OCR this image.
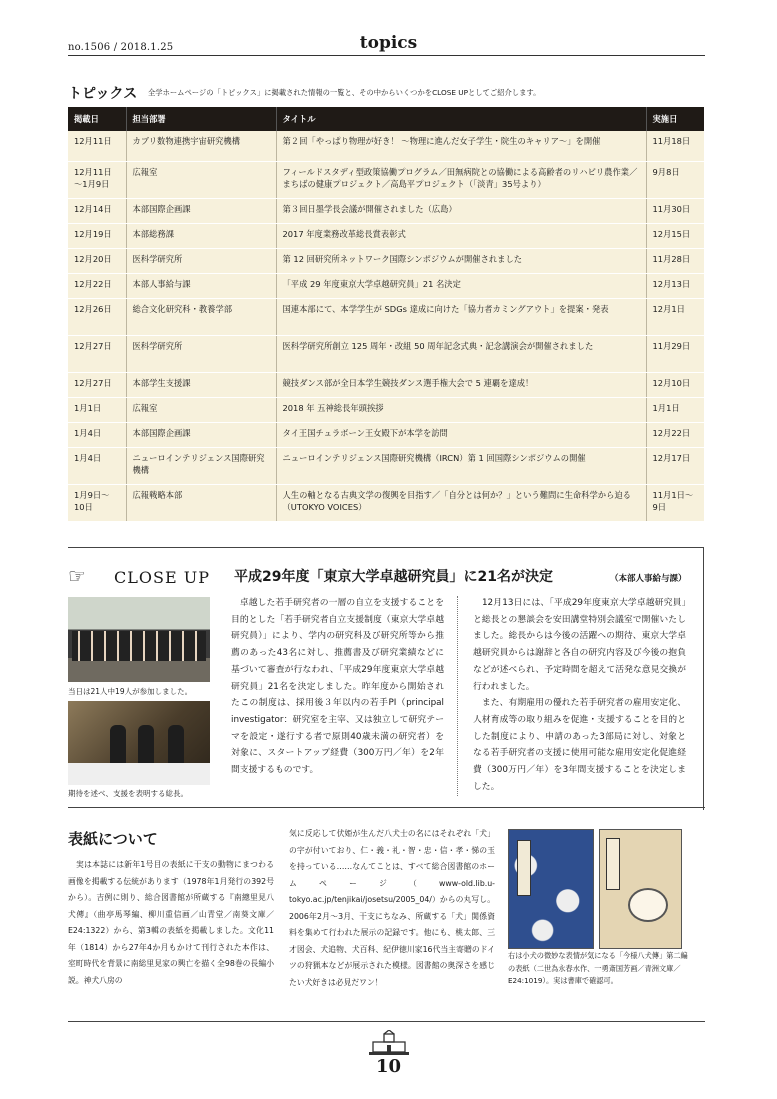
no.1506 / 2018.1.25	topics
トピックス 全学ホームページの「トピックス」に掲載された情報の一覧と、その中からいくつかをCLOSE UPとしてご紹介します。
掲載日	担当部署	タイトル	実施日
12月11日	カブリ数物連携宇宙研究機構	第２回「やっぱり物理が好き！ ～物理に進んだ女子学生・院生のキャリア～」を開催	11月18日
12月11日～1月9日	広報室	フィールドスタディ型政策協働プログラム／田無病院との協働による高齢者のリハビリ農作業／まちばの健康プロジェクト／高島平プロジェクト（「淡青」35号より）	9月8日
12月14日	本部国際企画課	第３回日墨学長会議が開催されました（広島）	11月30日
12月19日	本部総務課	2017 年度業務改革総長賞表彰式	12月15日
12月20日	医科学研究所	第 12 回研究所ネットワーク国際シンポジウムが開催されました	11月28日
12月22日	本部人事給与課	「平成 29 年度東京大学卓越研究員」21 名決定	12月13日
12月26日	総合文化研究科・教養学部	国連本部にて、本学学生が SDGs 達成に向けた「協力者カミングアウト」を提案・発表	12月1日
12月27日	医科学研究所	医科学研究所創立 125 周年・改組 50 周年記念式典・記念講演会が開催されました	11月29日
12月27日	本部学生支援課	競技ダンス部が全日本学生競技ダンス選手権大会で 5 連覇を達成！	12月10日
1月1日	広報室	2018 年 五神総長年頭挨拶	1月1日
1月4日	本部国際企画課	タイ王国チュラボーン王女殿下が本学を訪問	12月22日
1月4日	ニューロインテリジェンス国際研究機構	ニューロインテリジェンス国際研究機構（IRCN）第 1 回国際シンポジウムの開催	12月17日
1月9日～10日	広報戦略本部	人生の軸となる古典文学の復興を目指す／「自分とは何か？」という難問に生命科学から迫る（UTOKYO VOICES）	11月1日～9日
☞ CLOSE UP 平成29年度「東京大学卓越研究員」に21名が決定	（本部人事給与課）
当日は21人中19人が参加しました。
期待を述べ、支援を表明する総長。
　卓越した若手研究者の一層の自立を支援することを目的とした「若手研究者自立支援制度（東京大学卓越研究員）」により、学内の研究科及び研究所等から推薦のあった43名に対し、推薦書及び研究業績などに基づいて審査が行なわれ、「平成29年度東京大学卓越研究員」21名を決定しました。昨年度から開始されたこの制度は、採用後３年以内の若手PI（principal investigator：研究室を主宰、又は独立して研究テーマを設定・遂行する者で原則40歳未満の研究者）を対象に、スタートアップ経費（300万円／年）を2年間支援するものです。
　12月13日には、「平成29年度東京大学卓越研究員」と総長との懇談会を安田講堂特別会議室で開催いたしました。総長からは今後の活躍への期待、東京大学卓越研究員からは謝辞と各自の研究内容及び今後の抱負などが述べられ、予定時間を超えて活発な意見交換が行われました。
　また、有期雇用の優れた若手研究者の雇用安定化、人材育成等の取り組みを促進・支援することを目的とした制度により、申請のあった3部局に対し、対象となる若手研究者の支援に使用可能な雇用安定化促進経費（300万円／年）を3年間支援することを決定しました。
表紙について
　実は本誌には新年1号目の表紙に干支の動物にまつわる画像を掲載する伝統があります（1978年1月発行の392号から）。吉例に則り、総合図書館が所蔵する『南總里見八犬傳』（曲亭馬琴編、柳川重信画／山青堂／南葵文庫／E24:1322）から、第3輯の表紙を掲載しました。文化11年（1814）から27年4か月もかけて刊行された本作は、室町時代を背景に南総里見家の興亡を描く全98巻の長編小説。神犬八房の
気に反応して伏姫が生んだ八犬士の名にはそれぞれ「犬」の字が付いており、仁・義・礼・智・忠・信・孝・悌の玉を持っている……なんてことは、すべて総合図書館のホームページ（www-old.lib.u-tokyo.ac.jp/tenjikai/josetsu/2005_04/）からの丸写し。2006年2月～3月、干支にちなみ、所蔵する「犬」関係資料を集めて行われた展示の記録です。他にも、桃太郎、三才図会、犬追物、犬百科、紀伊徳川家16代当主寄贈のドイツの狩猟本などが展示された模様。図書館の奥深さを感じたい犬好きは必見だワン！
右は小犬の微妙な表情が気になる「今様八犬傳」第二編の表紙（二世為永春水作、一勇斎国芳画／青洲文庫／E24:1019）。実は書庫で確認可。
10
